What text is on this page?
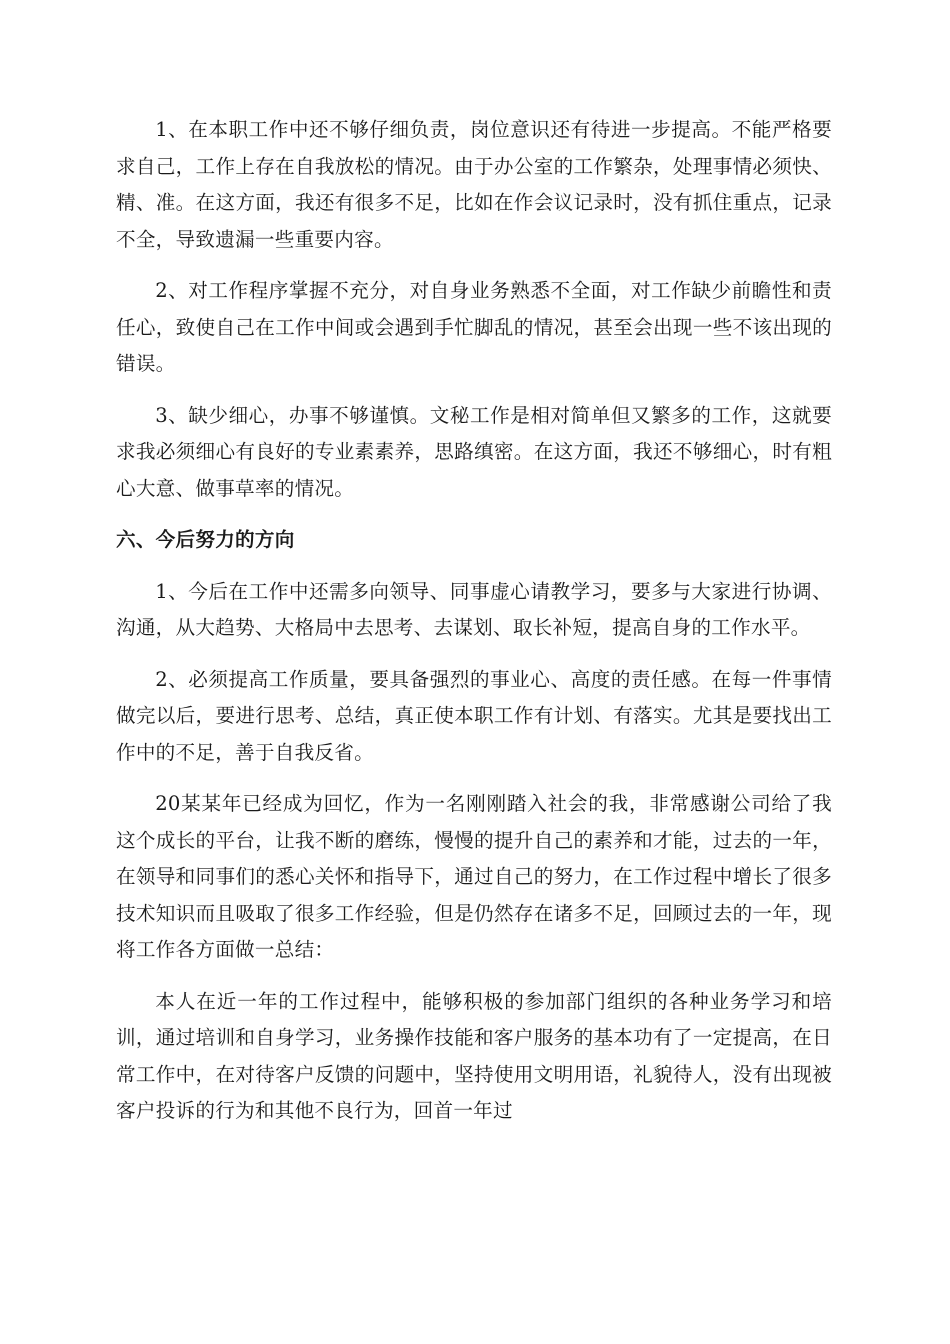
1、在本职工作中还不够仔细负责，岗位意识还有待进一步提高。不能严格要求自己，工作上存在自我放松的情况。由于办公室的工作繁杂，处理事情必须快、精、准。在这方面，我还有很多不足，比如在作会议记录时，没有抓住重点，记录不全，导致遗漏一些重要内容。

2、对工作程序掌握不充分，对自身业务熟悉不全面，对工作缺少前瞻性和责任心，致使自己在工作中间或会遇到手忙脚乱的情况，甚至会出现一些不该出现的错误。

3、缺少细心，办事不够谨慎。文秘工作是相对简单但又繁多的工作，这就要求我必须细心有良好的专业素素养，思路缜密。在这方面，我还不够细心，时有粗心大意、做事草率的情况。

六、今后努力的方向

1、今后在工作中还需多向领导、同事虚心请教学习，要多与大家进行协调、沟通，从大趋势、大格局中去思考、去谋划、取长补短，提高自身的工作水平。

2、必须提高工作质量，要具备强烈的事业心、高度的责任感。在每一件事情做完以后，要进行思考、总结，真正使本职工作有计划、有落实。尤其是要找出工作中的不足，善于自我反省。

20某某年已经成为回忆，作为一名刚刚踏入社会的我，非常感谢公司给了我这个成长的平台，让我不断的磨练，慢慢的提升自己的素养和才能，过去的一年，在领导和同事们的悉心关怀和指导下，通过自己的努力，在工作过程中增长了很多技术知识而且吸取了很多工作经验，但是仍然存在诸多不足，回顾过去的一年，现将工作各方面做一总结：

本人在近一年的工作过程中，能够积极的参加部门组织的各种业务学习和培训，通过培训和自身学习，业务操作技能和客户服务的基本功有了一定提高，在日常工作中，在对待客户反馈的问题中，坚持使用文明用语，礼貌待人，没有出现被客户投诉的行为和其他不良行为，回首一年过
